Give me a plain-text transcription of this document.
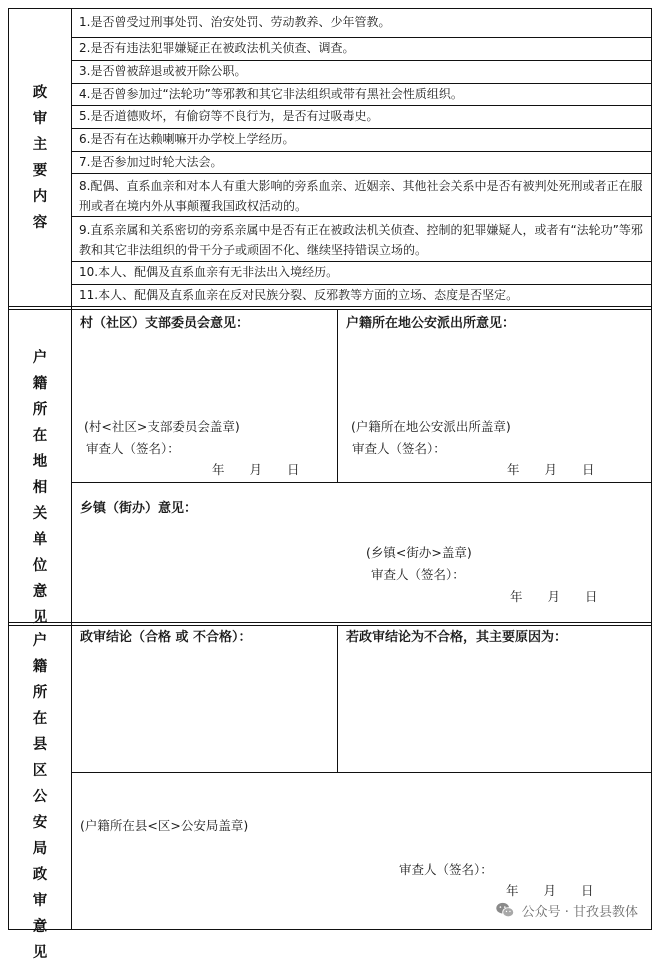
政审主要内容
户籍所在地相关单位意见
户籍所在县区公安局政审意见
1.是否曾受过刑事处罚、治安处罚、劳动教养、少年管教。
2.是否有违法犯罪嫌疑正在被政法机关侦查、调查。
3.是否曾被辞退或被开除公职。
4.是否曾参加过“法轮功”等邪教和其它非法组织或带有黑社会性质组织。
5.是否道德败坏，有偷窃等不良行为，是否有过吸毒史。
6.是否有在达赖喇嘛开办学校上学经历。
7.是否参加过时轮大法会。
8.配偶、直系血亲和对本人有重大影响的旁系血亲、近姻亲、其他社会关系中是否有被判处死刑或者正在服刑或者在境内外从事颠覆我国政权活动的。
9.直系亲属和关系密切的旁系亲属中是否有正在被政法机关侦查、控制的犯罪嫌疑人，或者有“法轮功”等邪教和其它非法组织的骨干分子或顽固不化、继续坚持错误立场的。
10.本人、配偶及直系血亲有无非法出入境经历。
11.本人、配偶及直系血亲在反对民族分裂、反邪教等方面的立场、态度是否坚定。
村（社区）支部委员会意见：
(村<社区>支部委员会盖章)
审查人（签名）：
年　　月　　日
户籍所在地公安派出所意见：
(户籍所在地公安派出所盖章)
审查人（签名）：
年　　月　　日
乡镇（街办）意见：
(乡镇<街办>盖章)
审查人（签名）：
年　　月　　日
政审结论（合格 或 不合格）：	若政审结论为不合格，其主要原因为：
(户籍所在县<区>公安局盖章)
审查人（签名）：
年　　月　　日
公众号 · 甘孜县教体
